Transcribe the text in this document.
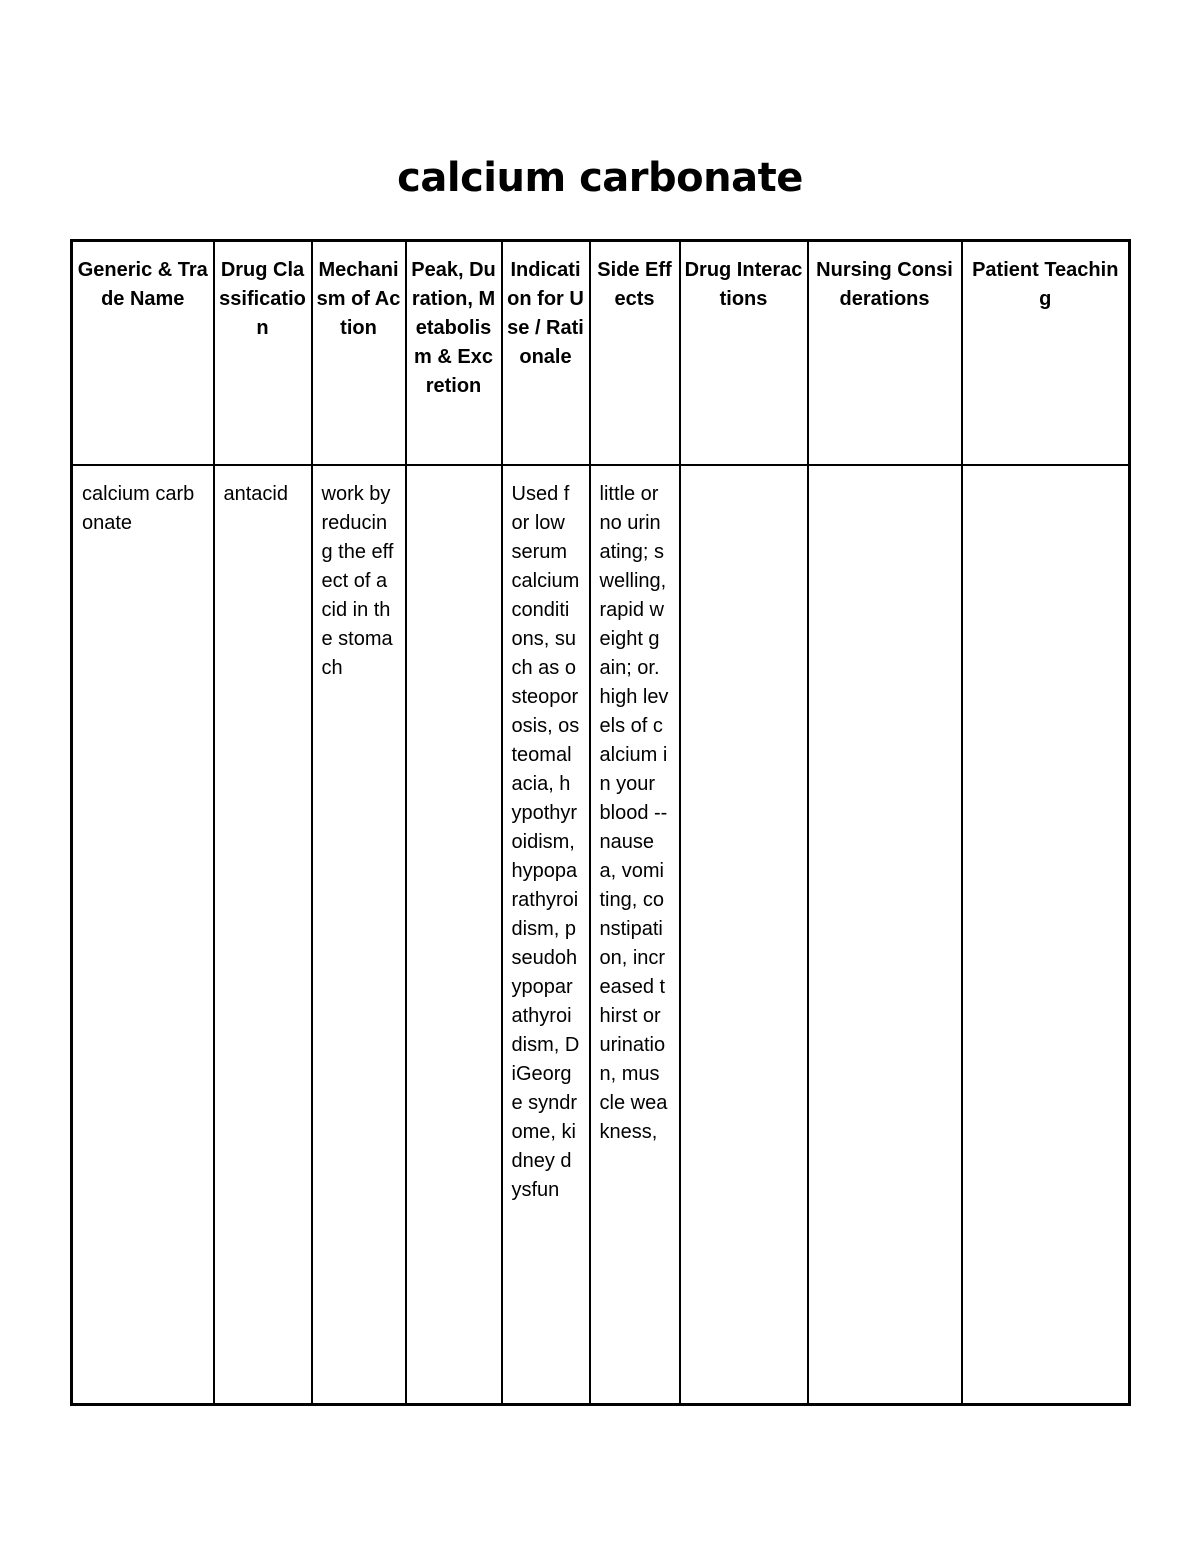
calcium carbonate
Generic & Trade Name	Drug Classification	Mechanism of Action	Peak, Duration, Metabolism & Excretion	Indication for Use / Rationale	Side Effects	Drug Interactions	Nursing Considerations	Patient Teaching
calcium carbonate	antacid	work by reducing the effect of acid in the stomach		Used for low serum calcium conditions, such as osteoporosis, osteomalacia, hypothyroidism, hypoparathyroidism, pseudohypoparathyroidism, DiGeorge syndrome, kidney dysfun	little or no urinating; swelling, rapid weight gain; or. high levels of calcium in your blood --nausea, vomiting, constipation, increased thirst or urination, muscle weakness,			
